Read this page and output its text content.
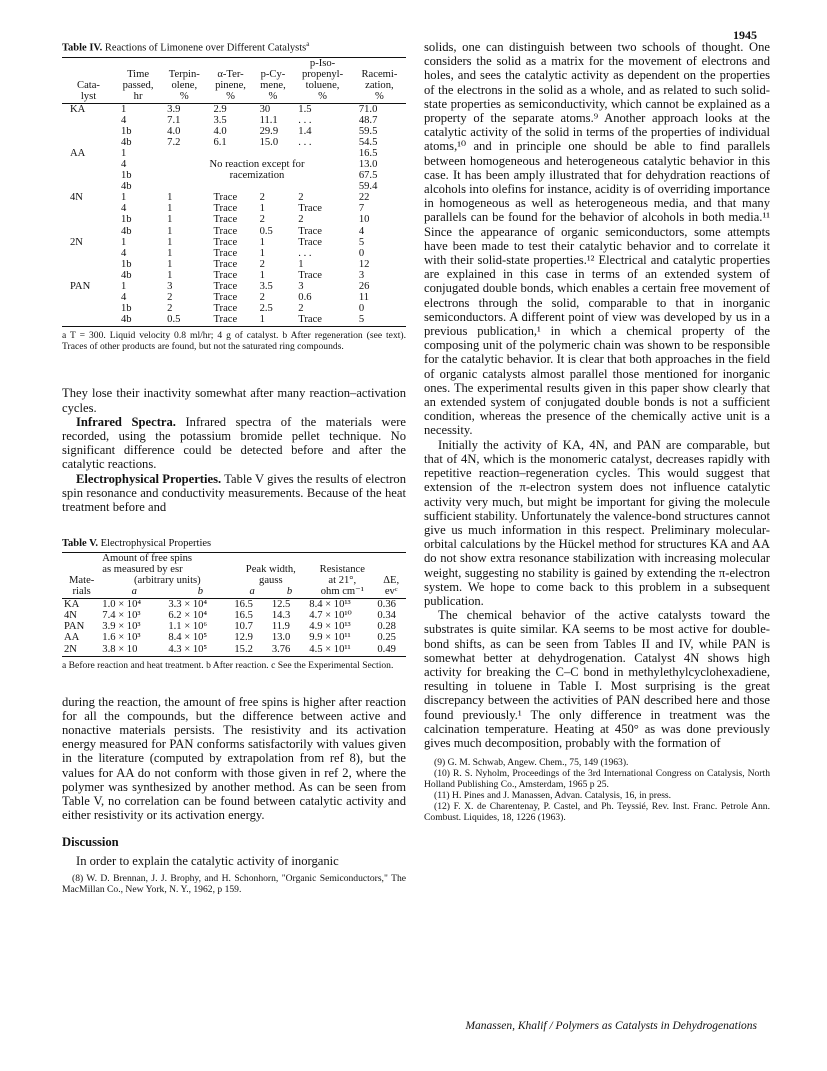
1945
Table IV. Reactions of Limonene over Different Catalysts$^a$
					p-Iso-	
	Time	Terpin-	α-Ter-	p-Cy-	propenyl-	Racemi-
Cata-	passed,	olene,	pinene,	mene,	toluene,	zation,
lyst	hr	%	%	%	%	%
KA	1	3.9	2.9	30	1.5	71.0
	4	7.1	3.5	11.1	. . .	48.7
	1b	4.0	4.0	29.9	1.4	59.5
	4b	7.2	6.1	15.0	. . .	54.5
AA	1					16.5
	4	No reaction except for				13.0
	1b	racemization				67.5
	4b					59.4
4N	1	1	Trace	2	2	22
	4	1	Trace	1	Trace	7
	1b	1	Trace	2	2	10
	4b	1	Trace	0.5	Trace	4
2N	1	1	Trace	1	Trace	5
	4	1	Trace	1	. . .	0
	1b	1	Trace	2	1	12
	4b	1	Trace	1	Trace	3
PAN	1	3	Trace	3.5	3	26
	4	2	Trace	2	0.6	11
	1b	2	Trace	2.5	2	0
	4b	0.5	Trace	1	Trace	5

a T = 300. Liquid velocity 0.8 ml/hr; 4 g of catalyst. b After regeneration (see text). Traces of other products are found, but not the saturated ring compounds.

They lose their inactivity somewhat after many reaction–activation cycles.

Infrared Spectra. Infrared spectra of the materials were recorded, using the potassium bromide pellet technique. No significant difference could be detected before and after the catalytic reactions.

Electrophysical Properties. Table V gives the results of electron spin resonance and conductivity measurements. Because of the heat treatment before and

Table V. Electrophysical Properties
	Amount of free spins					
	as measured by esr		Peak width,		Resistance	
Mate-	(arbitrary units)		gauss		at 21°,	ΔE,
rials	a	b	a	b	ohm cm⁻¹	evᶜ
KA	1.0 × 10⁴	3.3 × 10⁴	16.5	12.5	8.4 × 10¹³	0.36
4N	7.4 × 10³	6.2 × 10⁴	16.5	14.3	4.7 × 10¹⁰	0.34
PAN	3.9 × 10³	1.1 × 10⁶	10.7	11.9	4.9 × 10¹³	0.28
AA	1.6 × 10³	8.4 × 10⁵	12.9	13.0	9.9 × 10¹¹	0.25
2N	3.8 × 10	4.3 × 10⁵	15.2	3.76	4.5 × 10¹¹	0.49

a Before reaction and heat treatment. b After reaction. c See the Experimental Section.

during the reaction, the amount of free spins is higher after reaction for all the compounds, but the difference between active and nonactive materials persists. The resistivity and its activation energy measured for PAN conforms satisfactorily with values given in the literature (computed by extrapolation from ref 8), but the values for AA do not conform with those given in ref 2, where the polymer was synthesized by another method. As can be seen from Table V, no correlation can be found between catalytic activity and either resistivity or its activation energy.

Discussion

In order to explain the catalytic activity of inorganic

(8) W. D. Brennan, J. J. Brophy, and H. Schonhorn, "Organic Semiconductors," The MacMillan Co., New York, N. Y., 1962, p 159.

solids, one can distinguish between two schools of thought. One considers the solid as a matrix for the movement of electrons and holes, and sees the catalytic activity as dependent on the properties of the electrons in the solid as a whole, and as related to such solid-state properties as semiconductivity, which cannot be explained as a property of the separate atoms.⁹ Another approach looks at the catalytic activity of the solid in terms of the properties of individual atoms,¹⁰ and in principle one should be able to find parallels between homogeneous and heterogeneous catalytic behavior in this case. It has been amply illustrated that for dehydration reactions of alcohols into olefins for instance, acidity is of overriding importance in homogeneous as well as heterogeneous media, and that many parallels can be found for the behavior of alcohols in both media.¹¹ Since the appearance of organic semiconductors, some attempts have been made to test their catalytic behavior and to correlate it with their solid-state properties.¹² Electrical and catalytic properties are explained in this case in terms of an extended system of conjugated double bonds, which enables a certain free movement of electrons through the solid, comparable to that in inorganic semiconductors. A different point of view was developed by us in a previous publication,¹ in which a chemical property of the composing unit of the polymeric chain was shown to be responsible for the catalytic behavior. It is clear that both approaches in the field of organic catalysts almost parallel those mentioned for inorganic ones. The experimental results given in this paper show clearly that an extended system of conjugated double bonds is not a sufficient condition, whereas the presence of the chemically active unit is a necessity.

Initially the activity of KA, 4N, and PAN are comparable, but that of 4N, which is the monomeric catalyst, decreases rapidly with repetitive reaction–regeneration cycles. This would suggest that extension of the π-electron system does not influence catalytic activity very much, but might be important for giving the molecule sufficient stability. Unfortunately the valence-bond structures cannot give us much information in this respect. Preliminary molecular-orbital calculations by the Hückel method for structures KA and AA do not show extra resonance stabilization with increasing molecular weight, suggesting no stability is gained by extending the π-electron system. We hope to come back to this problem in a subsequent publication.

The chemical behavior of the active catalysts toward the substrates is quite similar. KA seems to be most active for double-bond shifts, as can be seen from Tables II and IV, while PAN is somewhat better at dehydrogenation. Catalyst 4N shows high activity for breaking the C–C bond in methylethylcyclohexadiene, resulting in toluene in Table I. Most surprising is the great discrepancy between the activities of PAN described here and those found previously.¹ The only difference in treatment was the calcination temperature. Heating at 450° as was done previously gives much decomposition, probably with the formation of

(9) G. M. Schwab, Angew. Chem., 75, 149 (1963).

(10) R. S. Nyholm, Proceedings of the 3rd International Congress on Catalysis, North Holland Publishing Co., Amsterdam, 1965 p 25.

(11) H. Pines and J. Manassen, Advan. Catalysis, 16, in press.

(12) F. X. de Charentenay, P. Castel, and Ph. Teyssié, Rev. Inst. Franc. Petrole Ann. Combust. Liquides, 18, 1226 (1963).

Manassen, Khalif / Polymers as Catalysts in Dehydrogenations
